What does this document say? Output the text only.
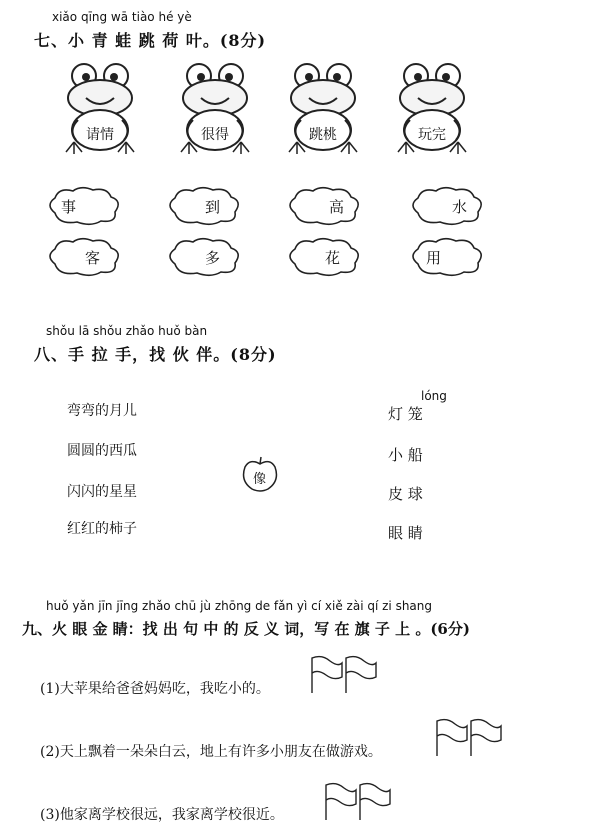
xiǎo qīng wā tiào hé yè
七、小 青 蛙 跳 荷 叶。(8分)
请情	很得	跳桃	玩完
事	到	高	水
客	多	花	用
shǒu lā shǒu zhǎo huǒ bàn
八、手 拉 手，找 伙 伴。(8分)
弯弯的月儿
圆圆的西瓜
闪闪的星星
红红的柿子
像
lóng
灯 笼
小 船
皮 球
眼 睛
huǒ yǎn jīn jīng zhǎo chū jù zhōng de fǎn yì cí xiě zài qí zi shang
九、火 眼 金 睛：找 出 句 中 的 反 义 词，写 在 旗 子 上 。(6分)
(1)大苹果给爸爸妈妈吃，我吃小的。
(2)天上飘着一朵朵白云，地上有许多小朋友在做游戏。
(3)他家离学校很远，我家离学校很近。
